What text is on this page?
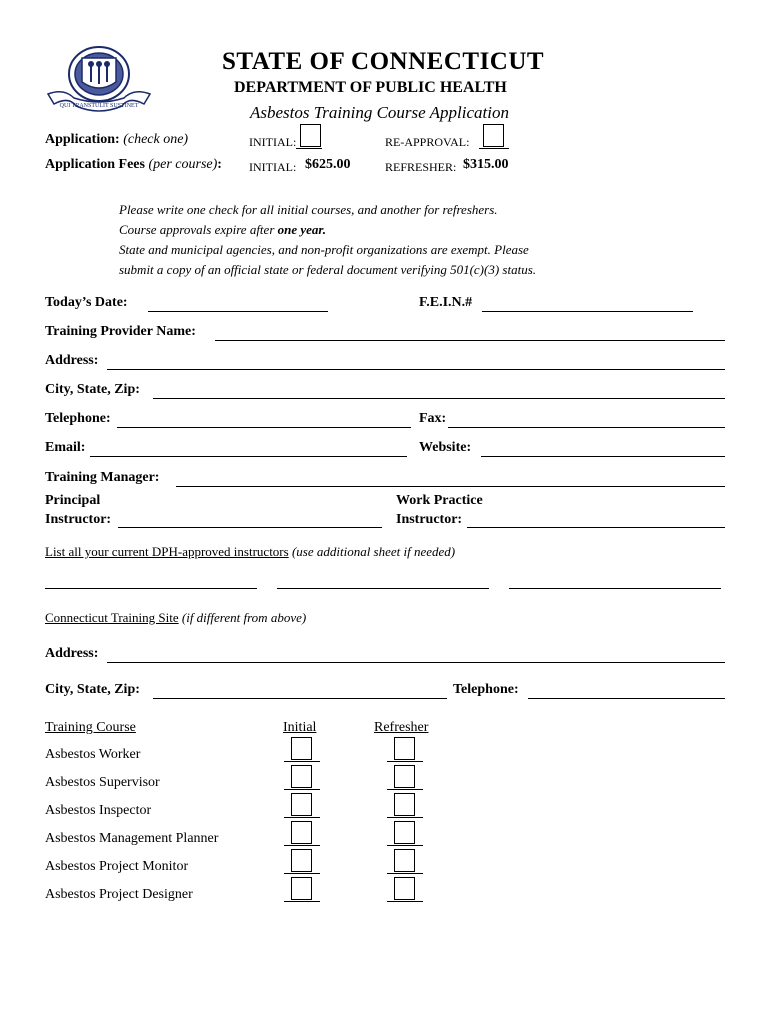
QUI TRANSTULIT SUSTINET
STATE OF CONNECTICUT
DEPARTMENT OF PUBLIC HEALTH
Asbestos Training Course Application
Application: (check one)	INITIAL:	RE-APPROVAL:
Application Fees (per course): INITIAL: $625.00	REFRESHER: $315.00
Please write one check for all initial courses, and another for refreshers.
Course approvals expire after one year.
State and municipal agencies, and non-profit organizations are exempt. Please
submit a copy of an official state or federal document verifying 501(c)(3) status.
Today’s Date:	F.E.I.N.#
Training Provider Name:
Address:
City, State, Zip:
Telephone:	Fax:
Email:	Website:
Training Manager:
Principal
Instructor:
Work Practice
Instructor:
List all your current DPH-approved instructors (use additional sheet if needed)
Connecticut Training Site (if different from above)
Address:
City, State, Zip:	Telephone:
Training Course	Initial	Refresher
Asbestos Worker
Asbestos Supervisor
Asbestos Inspector
Asbestos Management Planner
Asbestos Project Monitor
Asbestos Project Designer
